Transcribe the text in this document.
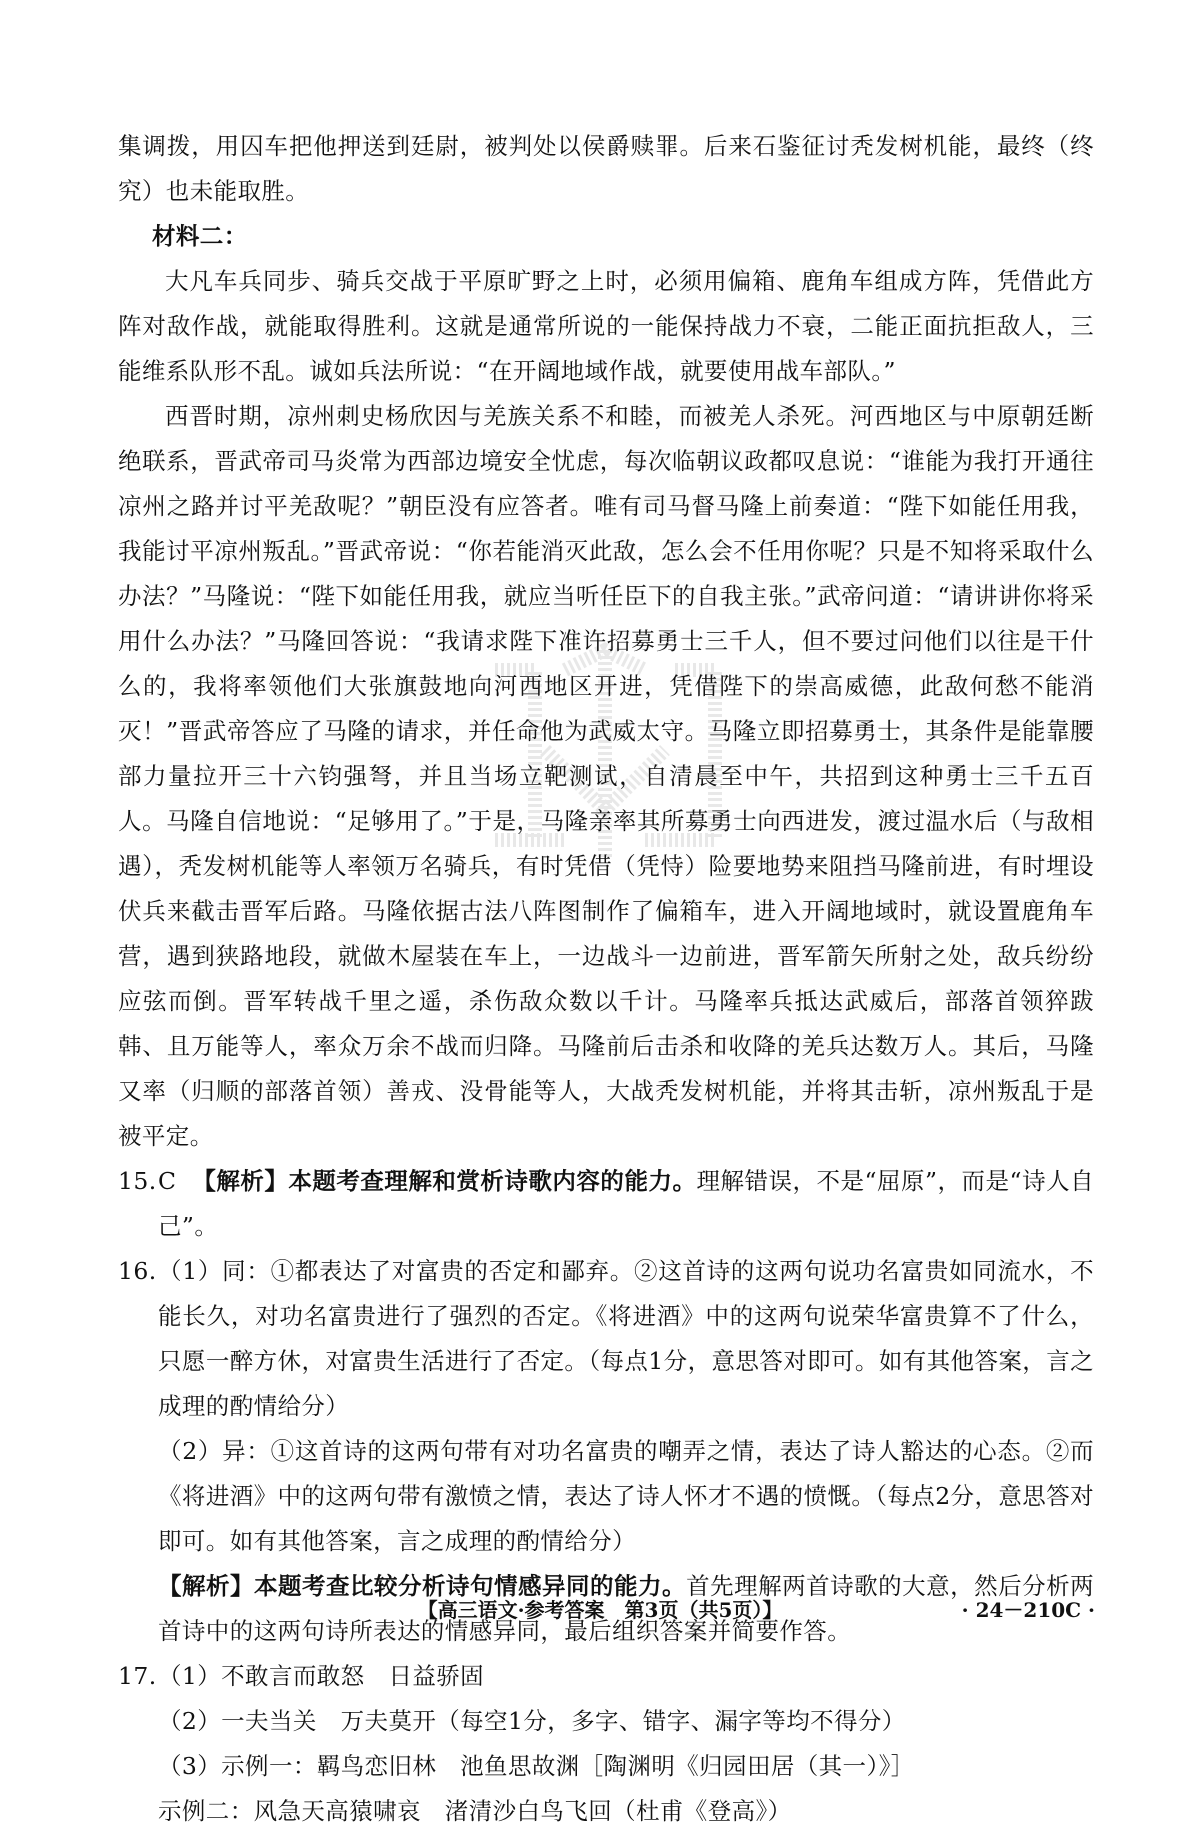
集调拨，用囚车把他押送到廷尉，被判处以侯爵赎罪。后来石鉴征讨秃发树机能，最终（终究）也未能取胜。

材料二：

大凡车兵同步、骑兵交战于平原旷野之上时，必须用偏箱、鹿角车组成方阵，凭借此方阵对敌作战，就能取得胜利。这就是通常所说的一能保持战力不衰，二能正面抗拒敌人，三能维系队形不乱。诚如兵法所说：“在开阔地域作战，就要使用战车部队。”

西晋时期，凉州刺史杨欣因与羌族关系不和睦，而被羌人杀死。河西地区与中原朝廷断绝联系，晋武帝司马炎常为西部边境安全忧虑，每次临朝议政都叹息说：“谁能为我打开通往凉州之路并讨平羌敌呢？”朝臣没有应答者。唯有司马督马隆上前奏道：“陛下如能任用我，我能讨平凉州叛乱。”晋武帝说：“你若能消灭此敌，怎么会不任用你呢？只是不知将采取什么办法？”马隆说：“陛下如能任用我，就应当听任臣下的自我主张。”武帝问道：“请讲讲你将采用什么办法？”马隆回答说：“我请求陛下准许招募勇士三千人，但不要过问他们以往是干什么的，我将率领他们大张旗鼓地向河西地区开进，凭借陛下的崇高威德，此敌何愁不能消灭！”晋武帝答应了马隆的请求，并任命他为武威太守。马隆立即招募勇士，其条件是能靠腰部力量拉开三十六钧强弩，并且当场立靶测试，自清晨至中午，共招到这种勇士三千五百人。马隆自信地说：“足够用了。”于是，马隆亲率其所募勇士向西进发，渡过温水后（与敌相遇），秃发树机能等人率领万名骑兵，有时凭借（凭恃）险要地势来阻挡马隆前进，有时埋设伏兵来截击晋军后路。马隆依据古法八阵图制作了偏箱车，进入开阔地域时，就设置鹿角车营，遇到狭路地段，就做木屋装在车上，一边战斗一边前进，晋军箭矢所射之处，敌兵纷纷应弦而倒。晋军转战千里之遥，杀伤敌众数以千计。马隆率兵抵达武威后，部落首领猝跋韩、且万能等人，率众万余不战而归降。马隆前后击杀和收降的羌兵达数万人。其后，马隆又率（归顺的部落首领）善戎、没骨能等人，大战秃发树机能，并将其击斩，凉州叛乱于是被平定。

15. C 【解析】本题考查理解和赏析诗歌内容的能力。理解错误，不是“屈原”，而是“诗人自己”。
16. （1）同：①都表达了对富贵的否定和鄙弃。②这首诗的这两句说功名富贵如同流水，不能长久，对功名富贵进行了强烈的否定。《将进酒》中的这两句说荣华富贵算不了什么，只愿一醉方休，对富贵生活进行了否定。（每点1分，意思答对即可。如有其他答案，言之成理的酌情给分）

（2）异：①这首诗的这两句带有对功名富贵的嘲弄之情，表达了诗人豁达的心态。②而《将进酒》中的这两句带有激愤之情，表达了诗人怀才不遇的愤慨。（每点2分，意思答对即可。如有其他答案，言之成理的酌情给分）

【解析】本题考查比较分析诗句情感异同的能力。首先理解两首诗歌的大意，然后分析两首诗中的这两句诗所表达的情感异同，最后组织答案并简要作答。

17. （1）不敢言而敢怒　日益骄固

（2）一夫当关　万夫莫开（每空1分，多字、错字、漏字等均不得分）

（3）示例一：羁鸟恋旧林　池鱼思故渊［陶渊明《归园田居（其一）》］

示例二：风急天高猿啸哀　渚清沙白鸟飞回（杜甫《登高》）

【高三语文·参考答案　第3页（共5页）】	· 24－210C ·
